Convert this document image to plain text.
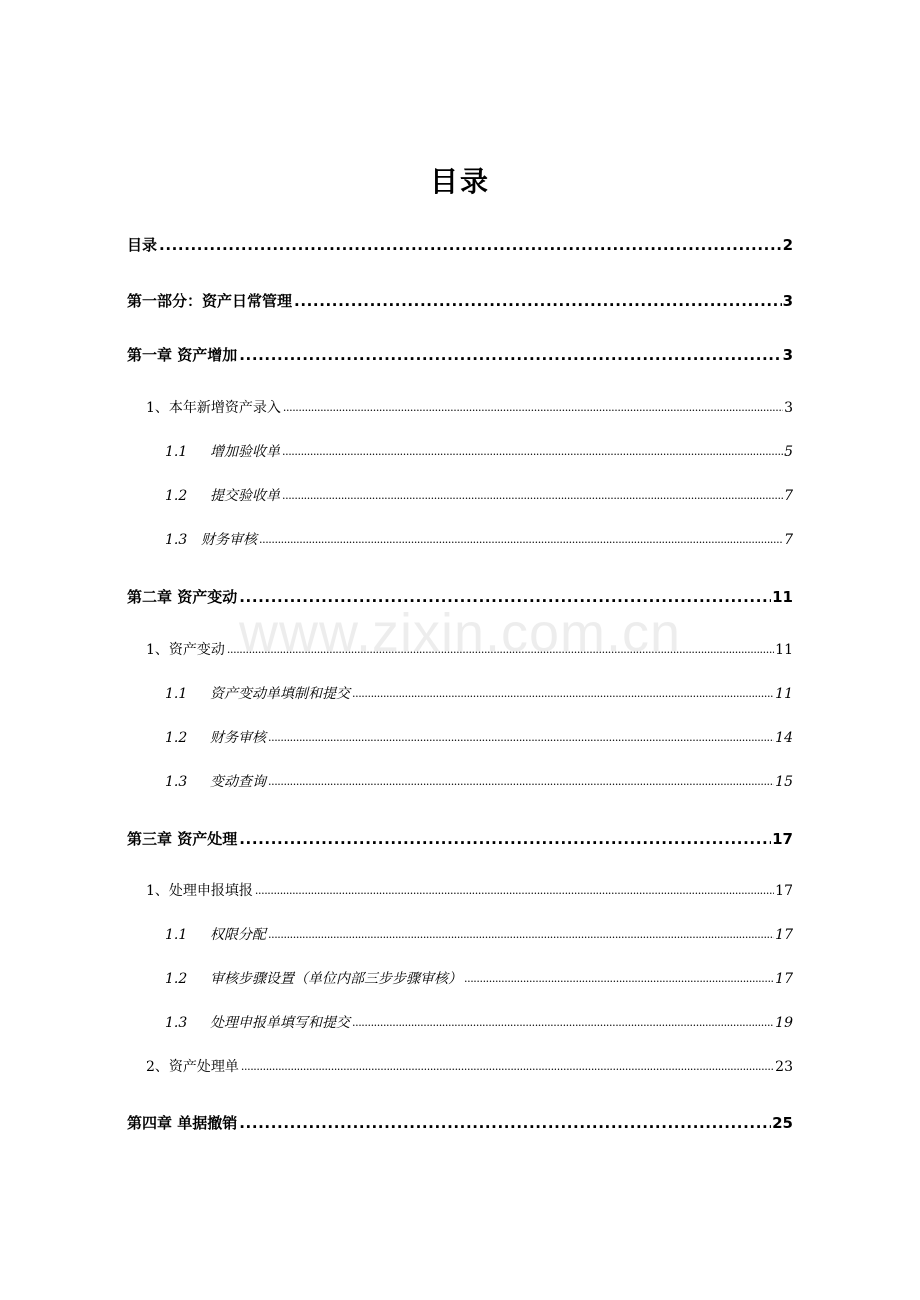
www.zixin.com.cn
目录
目录 .....	2
第一部分：资产日常管理 .....	3
第一章 资产增加 .....	3
1、本年新增资产录入 .....	3
1.1 增加验收单 .....	5
1.2 提交验收单 .....	7
1.3 财务审核 .....	7
第二章 资产变动 .....	11
1、资产变动 .....	11
1.1 资产变动单填制和提交 .....	11
1.2 财务审核 .....	14
1.3 变动查询 .....	15
第三章 资产处理 .....	17
1、处理申报填报 .....	17
1.1 权限分配 .....	17
1.2 审核步骤设置（单位内部三步步骤审核） .....	17
1.3 处理申报单填写和提交 .....	19
2、资产处理单 .....	23
第四章 单据撤销 .....	25
